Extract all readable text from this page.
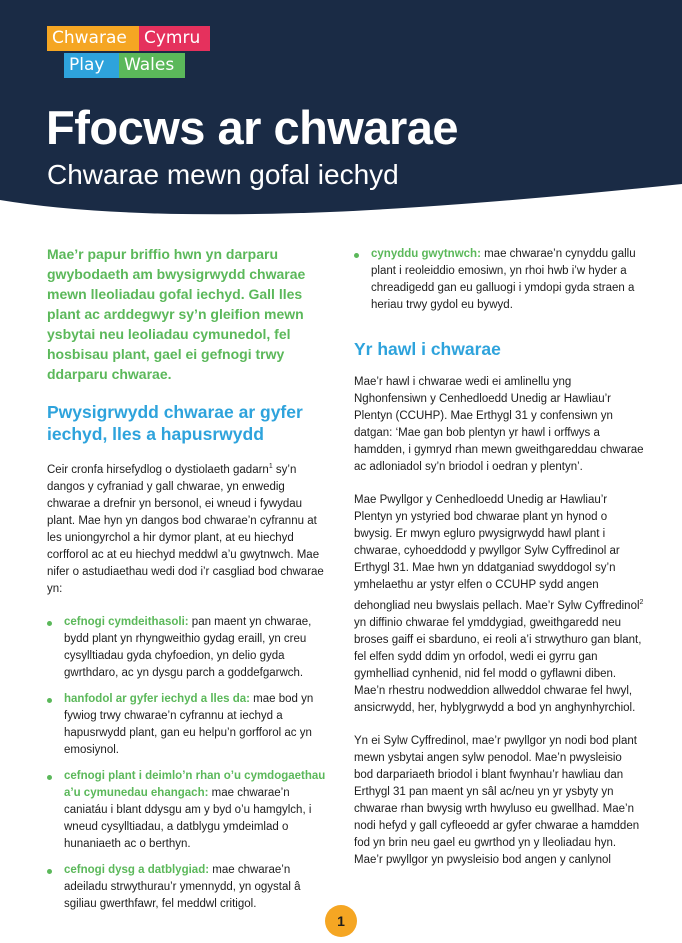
Chwarae	Cymru
Play	Wales
Ffocws ar chwarae
Chwarae mewn gofal iechyd

Mae’r papur briffio hwn yn darparu gwybodaeth am bwysigrwydd chwarae mewn lleoliadau gofal iechyd. Gall lles plant ac arddegwyr sy’n gleifion mewn ysbytai neu leoliadau cymunedol, fel hosbisau plant, gael ei gefnogi trwy ddarparu chwarae.

Pwysigrwydd chwarae ar gyfer iechyd, lles a hapusrwydd

Ceir cronfa hirsefydlog o dystiolaeth gadarn$^1$ sy’n dangos y cyfraniad y gall chwarae, yn enwedig chwarae a drefnir yn bersonol, ei wneud i fywydau plant. Mae hyn yn dangos bod chwarae’n cyfrannu at les uniongyrchol a hir dymor plant, at eu hiechyd corfforol ac at eu hiechyd meddwl a’u gwytnwch. Mae nifer o astudiaethau wedi dod i’r casgliad bod chwarae yn:

cefnogi cymdeithasoli: pan maent yn chwarae, bydd plant yn rhyngweithio gydag eraill, yn creu cysylltiadau gyda chyfoedion, yn delio gyda gwrthdaro, ac yn dysgu parch a goddefgarwch.
hanfodol ar gyfer iechyd a lles da: mae bod yn fywiog trwy chwarae’n cyfrannu at iechyd a hapusrwydd plant, gan eu helpu’n gorfforol ac yn emosiynol.
cefnogi plant i deimlo’n rhan o’u cymdogaethau a’u cymunedau ehangach: mae chwarae’n caniatáu i blant ddysgu am y byd o’u hamgylch, i wneud cysylltiadau, a datblygu ymdeimlad o hunaniaeth ac o berthyn.
cefnogi dysg a datblygiad: mae chwarae’n adeiladu strwythurau’r ymennydd, yn ogystal â sgiliau gwerthfawr, fel meddwl critigol.
cynyddu gwytnwch: mae chwarae’n cynyddu gallu plant i reoleiddio emosiwn, yn rhoi hwb i’w hyder a chreadigedd gan eu galluogi i ymdopi gyda straen a heriau trwy gydol eu bywyd.
Yr hawl i chwarae

Mae’r hawl i chwarae wedi ei amlinellu yng Nghonfensiwn y Cenhedloedd Unedig ar Hawliau’r Plentyn (CCUHP). Mae Erthygl 31 y confensiwn yn datgan: ‘Mae gan bob plentyn yr hawl i orffwys a hamdden, i gymryd rhan mewn gweithgareddau chwarae ac adloniadol sy’n briodol i oedran y plentyn’.

Mae Pwyllgor y Cenhedloedd Unedig ar Hawliau’r Plentyn yn ystyried bod chwarae plant yn hynod o bwysig. Er mwyn egluro pwysigrwydd hawl plant i chwarae, cyhoeddodd y pwyllgor Sylw Cyffredinol ar Erthygl 31. Mae hwn yn ddatganiad swyddogol sy’n ymhelaethu ar ystyr elfen o CCUHP sydd angen dehongliad neu bwyslais pellach. Mae’r Sylw Cyffredinol$^2$ yn diffinio chwarae fel ymddygiad, gweithgaredd neu broses gaiff ei sbarduno, ei reoli a’i strwythuro gan blant, fel elfen sydd ddim yn orfodol, wedi ei gyrru gan gymhelliad cynhenid, nid fel modd o gyflawni diben. Mae’n rhestru nodweddion allweddol chwarae fel hwyl, ansicrwydd, her, hyblygrwydd a bod yn anghynhyrchiol.

Yn ei Sylw Cyffredinol, mae’r pwyllgor yn nodi bod plant mewn ysbytai angen sylw penodol. Mae’n pwysleisio bod darpariaeth briodol i blant fwynhau’r hawliau dan Erthygl 31 pan maent yn sâl ac/neu yn yr ysbyty yn chwarae rhan bwysig wrth hwyluso eu gwellhad. Mae’n nodi hefyd y gall cyfleoedd ar gyfer chwarae a hamdden fod yn brin neu gael eu gwrthod yn y lleoliadau hyn. Mae’r pwyllgor yn pwysleisio bod angen y canlynol

1
